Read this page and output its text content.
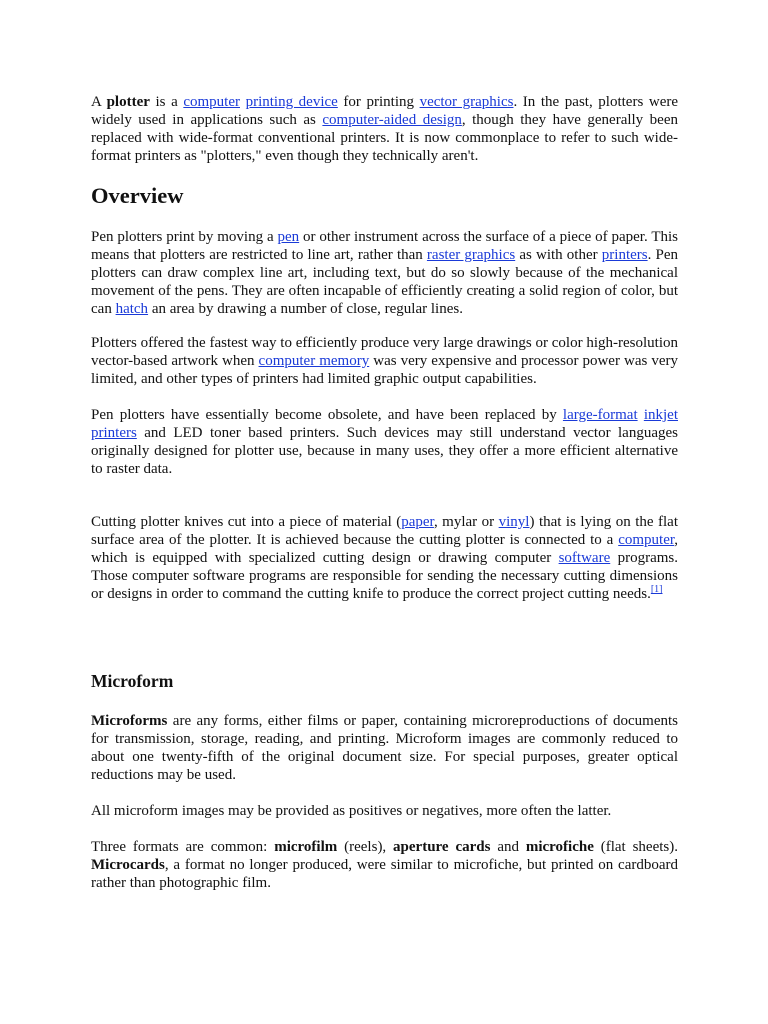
A plotter is a computer printing device for printing vector graphics. In the past, plotters were widely used in applications such as computer-aided design, though they have generally been replaced with wide-format conventional printers. It is now commonplace to refer to such wide-format printers as "plotters," even though they technically aren't.

Overview

Pen plotters print by moving a pen or other instrument across the surface of a piece of paper. This means that plotters are restricted to line art, rather than raster graphics as with other printers. Pen plotters can draw complex line art, including text, but do so slowly because of the mechanical movement of the pens. They are often incapable of efficiently creating a solid region of color, but can hatch an area by drawing a number of close, regular lines.

Plotters offered the fastest way to efficiently produce very large drawings or color high-resolution vector-based artwork when computer memory was very expensive and processor power was very limited, and other types of printers had limited graphic output capabilities.

Pen plotters have essentially become obsolete, and have been replaced by large-format inkjet printers and LED toner based printers. Such devices may still understand vector languages originally designed for plotter use, because in many uses, they offer a more efficient alternative to raster data.

Cutting plotter knives cut into a piece of material (paper, mylar or vinyl) that is lying on the flat surface area of the plotter. It is achieved because the cutting plotter is connected to a computer, which is equipped with specialized cutting design or drawing computer software programs. Those computer software programs are responsible for sending the necessary cutting dimensions or designs in order to command the cutting knife to produce the correct project cutting needs.[1]

Microform

Microforms are any forms, either films or paper, containing microreproductions of documents for transmission, storage, reading, and printing. Microform images are commonly reduced to about one twenty-fifth of the original document size. For special purposes, greater optical reductions may be used.

All microform images may be provided as positives or negatives, more often the latter.

Three formats are common: microfilm (reels), aperture cards and microfiche (flat sheets). Microcards, a format no longer produced, were similar to microfiche, but printed on cardboard rather than photographic film.
